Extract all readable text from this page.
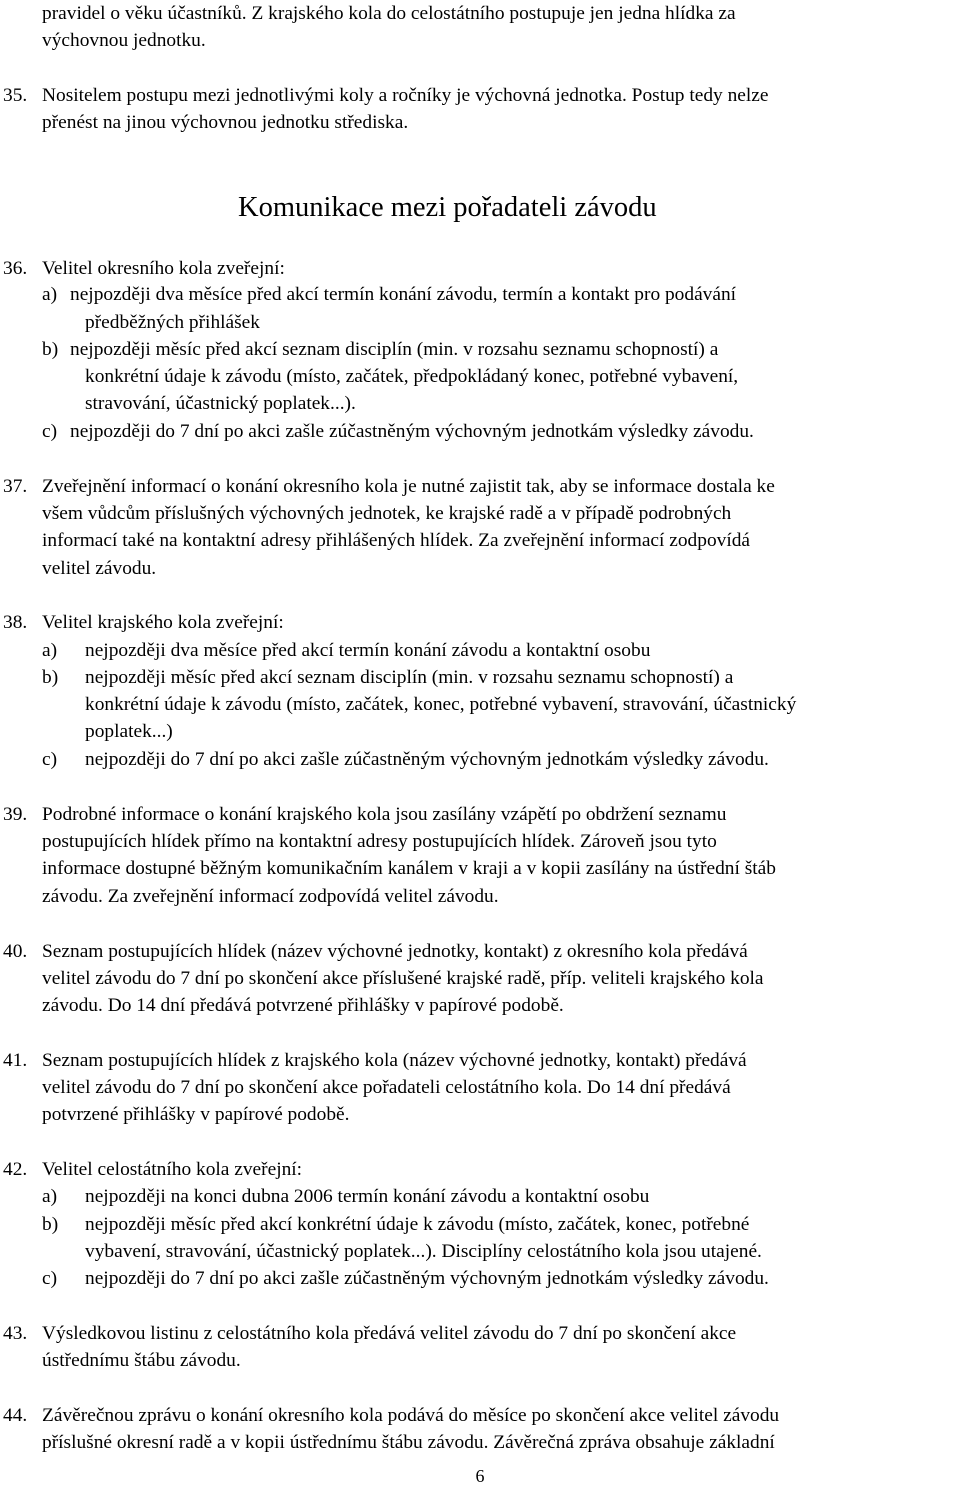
pravidel o věku účastníků. Z krajského kola do celostátního postupuje jen jedna hlídka za
výchovnou jednotku.
35. Nositelem postupu mezi jednotlivými koly a ročníky je výchovná jednotka. Postup tedy nelze
přenést na jinou výchovnou jednotku střediska.
Komunikace mezi pořadateli závodu
36. Velitel okresního kola zveřejní:
a) nejpozději dva měsíce před akcí termín konání závodu, termín a kontakt pro podávání
předběžných přihlášek
b) nejpozději měsíc před akcí seznam disciplín (min. v rozsahu seznamu schopností) a
konkrétní údaje k závodu (místo, začátek, předpokládaný konec, potřebné vybavení,
stravování, účastnický poplatek...).
c) nejpozději do 7 dní po akci zašle zúčastněným výchovným jednotkám výsledky závodu.
37. Zveřejnění informací o konání okresního kola je nutné zajistit tak, aby se informace dostala ke
všem vůdcům příslušných výchovných jednotek, ke krajské radě a v případě podrobných
informací také na kontaktní adresy přihlášených hlídek. Za zveřejnění informací zodpovídá
velitel závodu.
38. Velitel krajského kola zveřejní:
a) nejpozději dva měsíce před akcí termín konání závodu a kontaktní osobu
b) nejpozději měsíc před akcí seznam disciplín (min. v rozsahu seznamu schopností) a
konkrétní údaje k závodu (místo, začátek, konec, potřebné vybavení, stravování, účastnický
poplatek...)
c) nejpozději do 7 dní po akci zašle zúčastněným výchovným jednotkám výsledky závodu.
39. Podrobné informace o konání krajského kola jsou zasílány vzápětí po obdržení seznamu
postupujících hlídek přímo na kontaktní adresy postupujících hlídek. Zároveň jsou tyto
informace dostupné běžným komunikačním kanálem v kraji a v kopii zasílány na ústřední štáb
závodu. Za zveřejnění informací zodpovídá velitel závodu.
40. Seznam postupujících hlídek (název výchovné jednotky, kontakt) z okresního kola předává
velitel závodu do 7 dní po skončení akce příslušené krajské radě, příp. veliteli krajského kola
závodu. Do 14 dní předává potvrzené přihlášky v papírové podobě.
41. Seznam postupujících hlídek z krajského kola (název výchovné jednotky, kontakt) předává
velitel závodu do 7 dní po skončení akce pořadateli celostátního kola. Do 14 dní předává
potvrzené přihlášky v papírové podobě.
42. Velitel celostátního kola zveřejní:
a) nejpozději na konci dubna 2006 termín konání závodu a kontaktní osobu
b) nejpozději měsíc před akcí konkrétní údaje k závodu (místo, začátek, konec, potřebné
vybavení, stravování, účastnický poplatek...). Disciplíny celostátního kola jsou utajené.
c) nejpozději do 7 dní po akci zašle zúčastněným výchovným jednotkám výsledky závodu.
43. Výsledkovou listinu z celostátního kola předává velitel závodu do 7 dní po skončení akce
ústřednímu štábu závodu.
44. Závěrečnou zprávu o konání okresního kola podává do měsíce po skončení akce velitel závodu
příslušné okresní radě a v kopii ústřednímu štábu závodu. Závěrečná zpráva obsahuje základní
6
